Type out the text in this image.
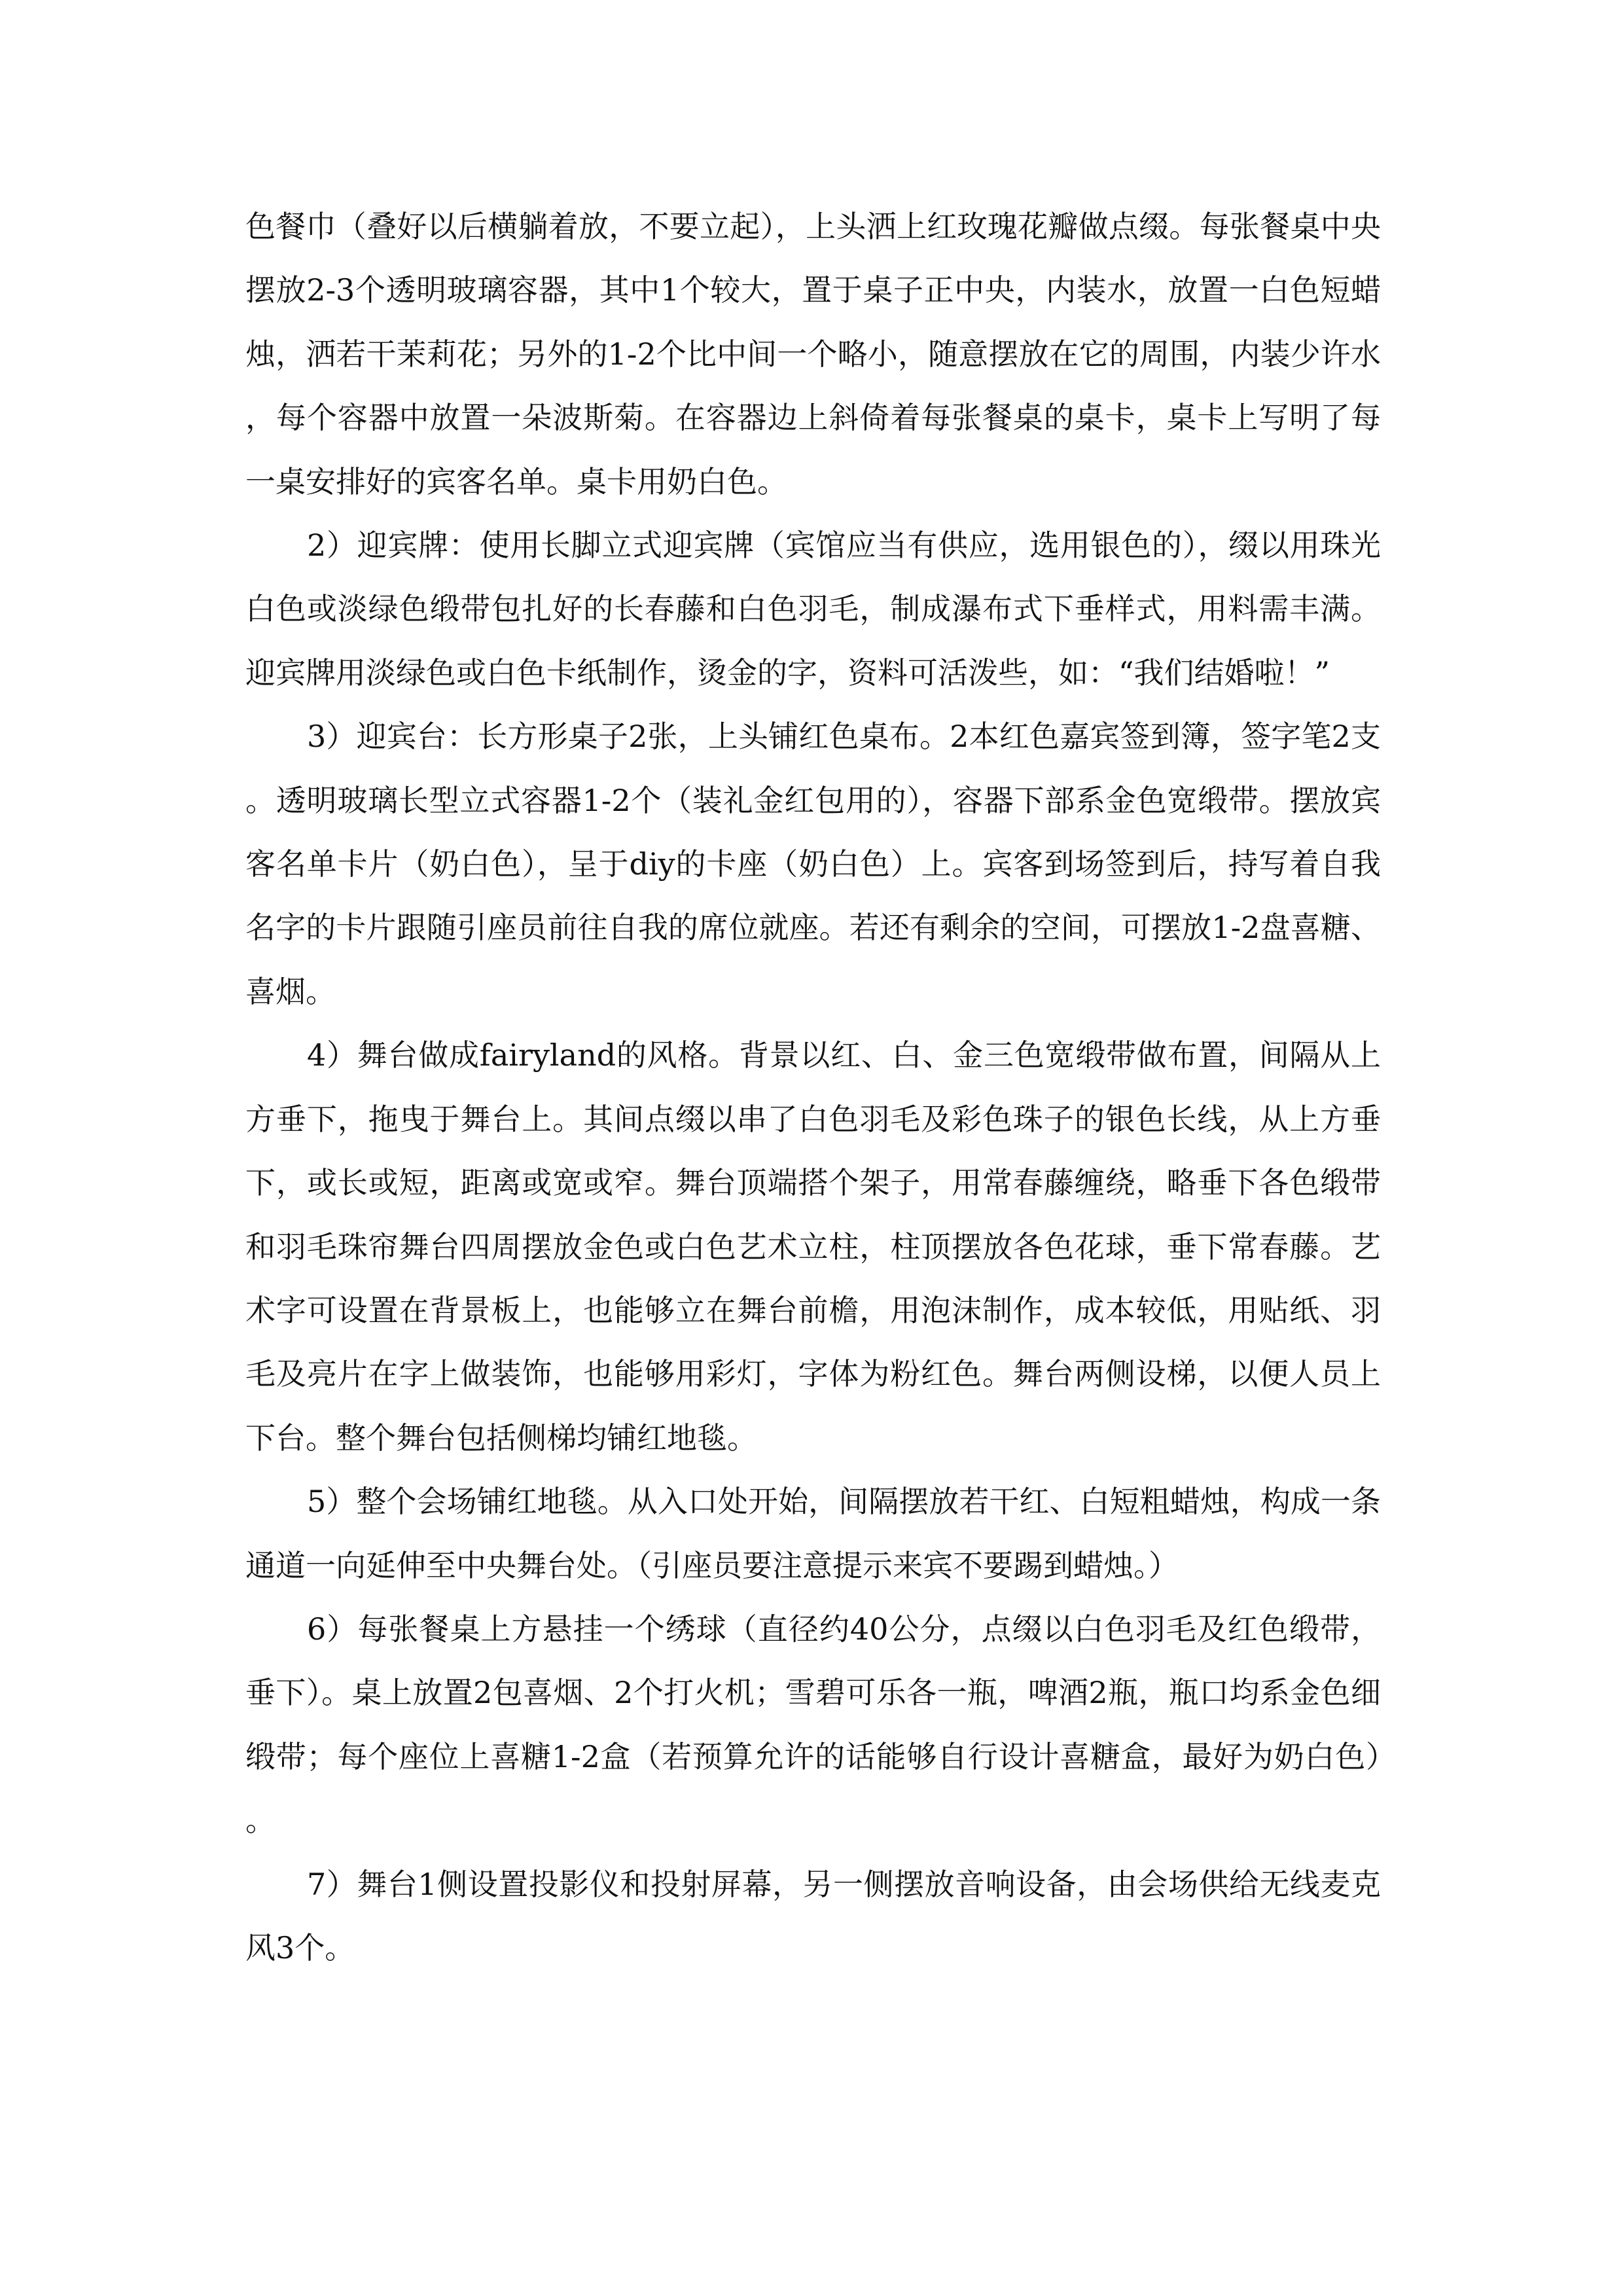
色餐巾（叠好以后横躺着放，不要立起），上头洒上红玫瑰花瓣做点缀。每张餐桌中央摆放2-3个透明玻璃容器，其中1个较大，置于桌子正中央，内装水，放置一白色短蜡烛，洒若干茉莉花；另外的1-2个比中间一个略小，随意摆放在它的周围，内装少许水，每个容器中放置一朵波斯菊。在容器边上斜倚着每张餐桌的桌卡，桌卡上写明了每一桌安排好的宾客名单。桌卡用奶白色。

2）迎宾牌：使用长脚立式迎宾牌（宾馆应当有供应，选用银色的），缀以用珠光白色或淡绿色缎带包扎好的长春藤和白色羽毛，制成瀑布式下垂样式，用料需丰满。迎宾牌用淡绿色或白色卡纸制作，烫金的字，资料可活泼些，如：“我们结婚啦！”

3）迎宾台：长方形桌子2张，上头铺红色桌布。2本红色嘉宾签到簿，签字笔2支。透明玻璃长型立式容器1-2个（装礼金红包用的），容器下部系金色宽缎带。摆放宾客名单卡片（奶白色），呈于diy的卡座（奶白色）上。宾客到场签到后，持写着自我名字的卡片跟随引座员前往自我的席位就座。若还有剩余的空间，可摆放1-2盘喜糖、喜烟。

4）舞台做成fairyland的风格。背景以红、白、金三色宽缎带做布置，间隔从上方垂下，拖曳于舞台上。其间点缀以串了白色羽毛及彩色珠子的银色长线，从上方垂下，或长或短，距离或宽或窄。舞台顶端搭个架子，用常春藤缠绕，略垂下各色缎带和羽毛珠帘舞台四周摆放金色或白色艺术立柱，柱顶摆放各色花球，垂下常春藤。艺术字可设置在背景板上，也能够立在舞台前檐，用泡沫制作，成本较低，用贴纸、羽毛及亮片在字上做装饰，也能够用彩灯，字体为粉红色。舞台两侧设梯，以便人员上下台。整个舞台包括侧梯均铺红地毯。

5）整个会场铺红地毯。从入口处开始，间隔摆放若干红、白短粗蜡烛，构成一条通道一向延伸至中央舞台处。（引座员要注意提示来宾不要踢到蜡烛。）

6）每张餐桌上方悬挂一个绣球（直径约40公分，点缀以白色羽毛及红色缎带，垂下）。桌上放置2包喜烟、2个打火机；雪碧可乐各一瓶，啤酒2瓶，瓶口均系金色细缎带；每个座位上喜糖1-2盒（若预算允许的话能够自行设计喜糖盒，最好为奶白色）。

7）舞台1侧设置投影仪和投射屏幕，另一侧摆放音响设备，由会场供给无线麦克风3个。
